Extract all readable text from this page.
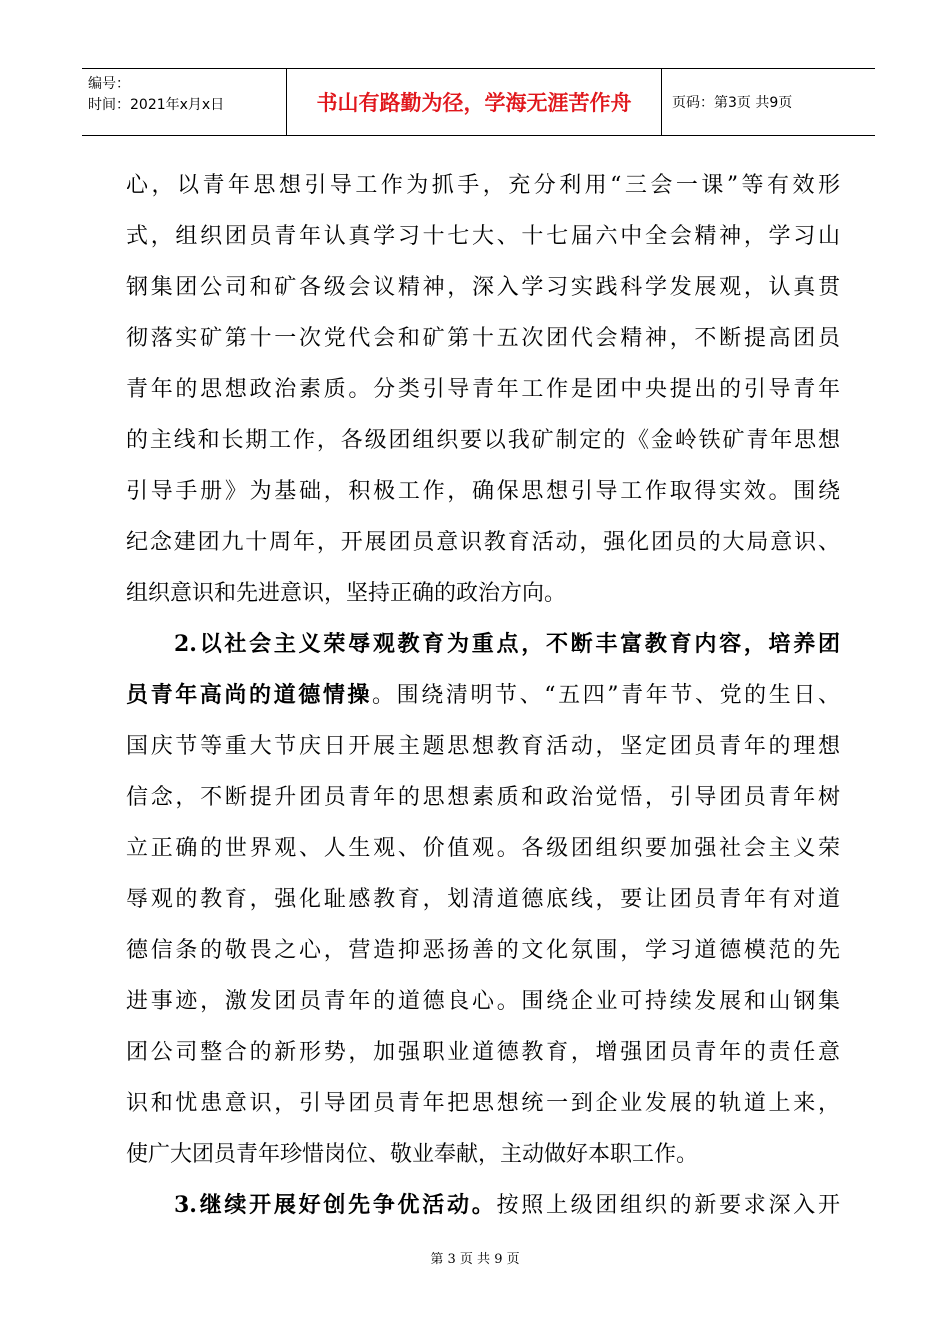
编号：
时间：2021年x月x日	书山有路勤为径，学海无涯苦作舟	页码：第3页 共9页
心，以青年思想引导工作为抓手，充分利用“三会一课”等有效形
式，组织团员青年认真学习十七大、十七届六中全会精神，学习山
钢集团公司和矿各级会议精神，深入学习实践科学发展观，认真贯
彻落实矿第十一次党代会和矿第十五次团代会精神，不断提高团员
青年的思想政治素质。分类引导青年工作是团中央提出的引导青年
的主线和长期工作，各级团组织要以我矿制定的《金岭铁矿青年思想
引导手册》为基础，积极工作，确保思想引导工作取得实效。围绕
纪念建团九十周年，开展团员意识教育活动，强化团员的大局意识、
组织意识和先进意识，坚持正确的政治方向。
2.以社会主义荣辱观教育为重点，不断丰富教育内容，培养团
员青年高尚的道德情操。围绕清明节、“五四”青年节、党的生日、
国庆节等重大节庆日开展主题思想教育活动，坚定团员青年的理想
信念，不断提升团员青年的思想素质和政治觉悟，引导团员青年树
立正确的世界观、人生观、价值观。各级团组织要加强社会主义荣
辱观的教育，强化耻感教育，划清道德底线，要让团员青年有对道
德信条的敬畏之心，营造抑恶扬善的文化氛围，学习道德模范的先
进事迹，激发团员青年的道德良心。围绕企业可持续发展和山钢集
团公司整合的新形势，加强职业道德教育，增强团员青年的责任意
识和忧患意识，引导团员青年把思想统一到企业发展的轨道上来，
使广大团员青年珍惜岗位、敬业奉献，主动做好本职工作。
3.继续开展好创先争优活动。按照上级团组织的新要求深入开
第 3 页 共 9 页
